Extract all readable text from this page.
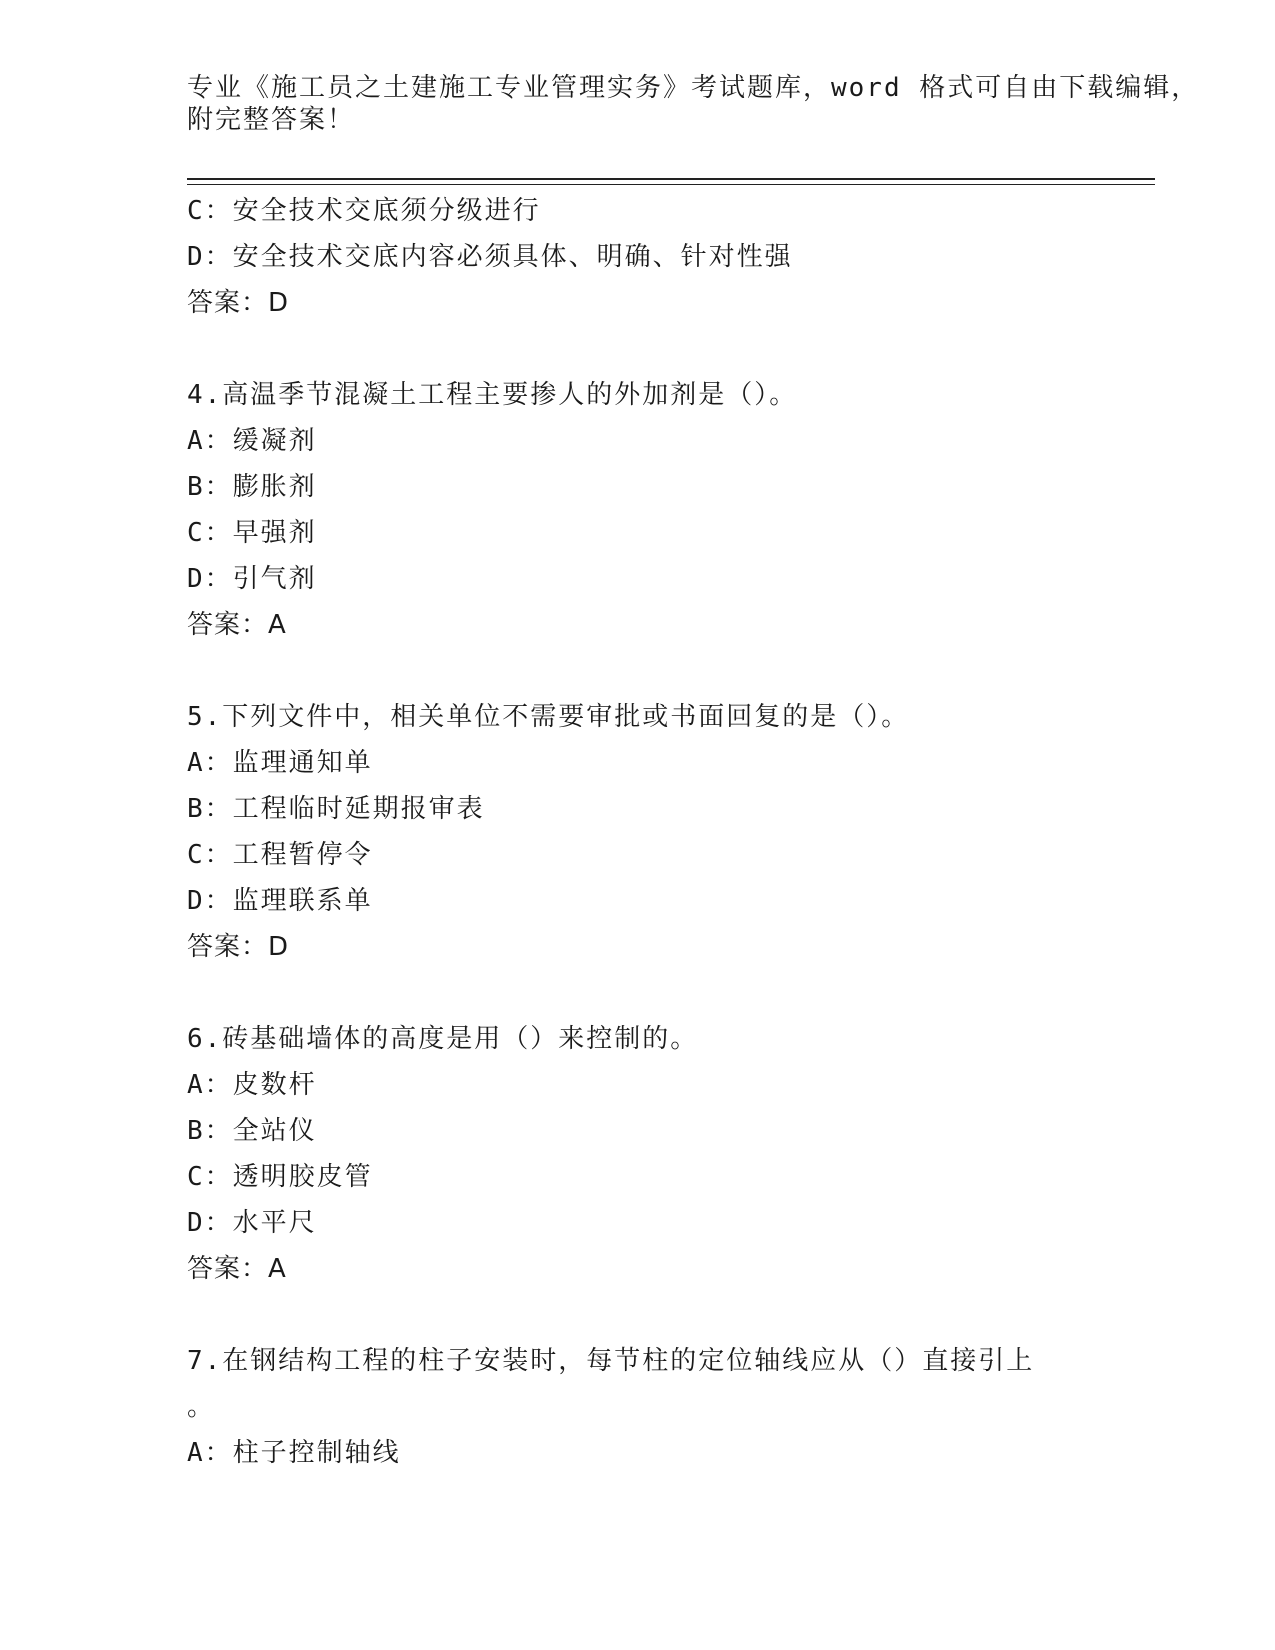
专业《施工员之土建施工专业管理实务》考试题库，word 格式可自由下载编辑，
附完整答案！
C：安全技术交底须分级进行
D：安全技术交底内容必须具体、明确、针对性强
答案：D
4.高温季节混凝土工程主要掺人的外加剂是（）。
A：缓凝剂
B：膨胀剂
C：早强剂
D：引气剂
答案：A
5.下列文件中，相关单位不需要审批或书面回复的是（）。
A：监理通知单
B：工程临时延期报审表
C：工程暂停令
D：监理联系单
答案：D
6.砖基础墙体的高度是用（）来控制的。
A：皮数杆
B：全站仪
C：透明胶皮管
D：水平尺
答案：A
7.在钢结构工程的柱子安装时，每节柱的定位轴线应从（）直接引上
。
A：柱子控制轴线
